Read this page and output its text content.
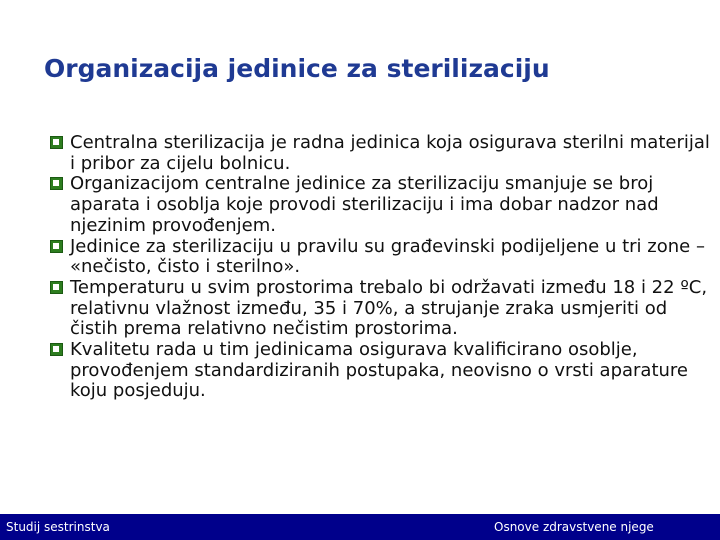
Organizacija jedinice za sterilizaciju
Centralna sterilizacija je radna jedinica koja osigurava sterilni materijal i pribor za cijelu bolnicu.
Organizacijom centralne jedinice za sterilizaciju smanjuje se broj aparata i osoblja koje provodi sterilizaciju i ima dobar nadzor nad njezinim provođenjem.
Jedinice za sterilizaciju u pravilu su građevinski podijeljene u tri zone – «nečisto, čisto i sterilno».
Temperaturu u svim prostorima trebalo bi održavati između 18 i 22 ºC, relativnu vlažnost između, 35 i 70%, a strujanje zraka usmjeriti od čistih prema relativno nečistim prostorima.
Kvalitetu rada u tim jedinicama osigurava kvalificirano osoblje, provođenjem standardiziranih postupaka, neovisno o vrsti aparature koju posjeduju.
Studij sestrinstva	Osnove zdravstvene njege
